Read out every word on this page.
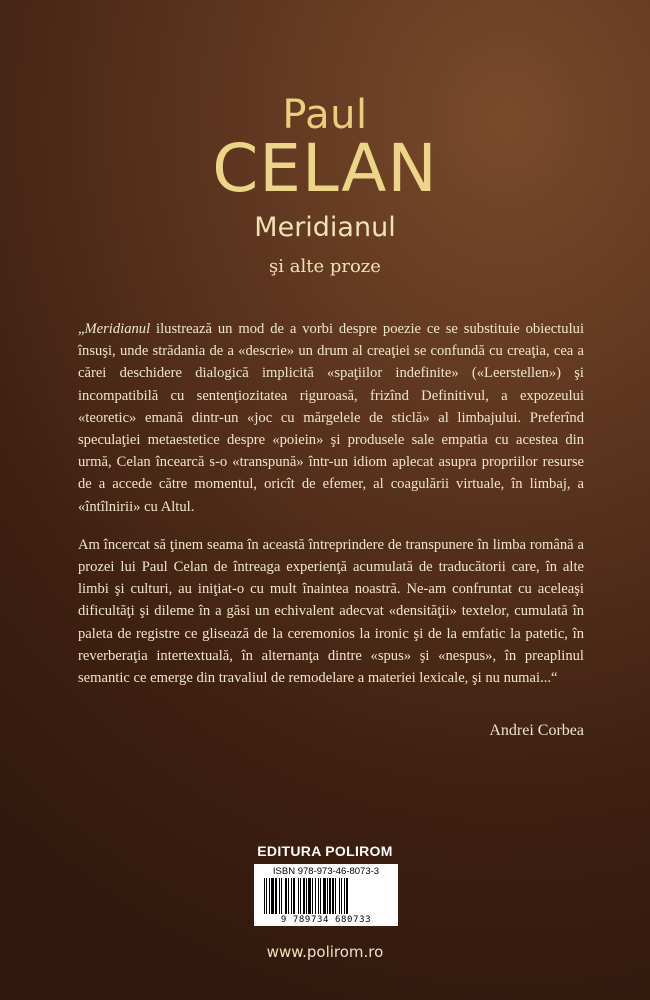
Paul
CELAN
Meridianul
şi alte proze

„Meridianul ilustrează un mod de a vorbi despre poezie ce se substituie obiectului însuşi, unde strădania de a «descrie» un drum al creaţiei se confundă cu creaţia, cea a cărei deschidere dialogică implicită «spaţiilor indefinite» («Leerstellen») şi incompatibilă cu sentenţiozitatea riguroasă, frizînd Definitivul, a expozeului «teoretic» emană dintr-un «joc cu mărgelele de sticlă» al limbajului. Preferînd speculaţiei metaestetice despre «poiein» şi produsele sale empatia cu acestea din urmă, Celan încearcă s-o «transpună» într-un idiom aplecat asupra propriilor resurse de a accede către momentul, oricît de efemer, al coagulării virtuale, în limbaj, a «întîlnirii» cu Altul.

Am încercat să ţinem seama în această întreprindere de transpunere în limba română a prozei lui Paul Celan de întreaga experienţă acumulată de traducătorii care, în alte limbi şi culturi, au iniţiat-o cu mult înaintea noastră. Ne-am confruntat cu aceleaşi dificultăţi şi dileme în a găsi un echivalent adecvat «densităţii» textelor, cumulată în paleta de registre ce glisează de la ceremonios la ironic şi de la emfatic la patetic, în reverberaţia intertextuală, în alternanţa dintre «spus» şi «nespus», în preaplinul semantic ce emerge din travaliul de remodelare a materiei lexicale, şi nu numai...“

Andrei Corbea
EDITURA POLIROM
ISBN 978-973-46-8073-3
9 789734 680733
www.polirom.ro
